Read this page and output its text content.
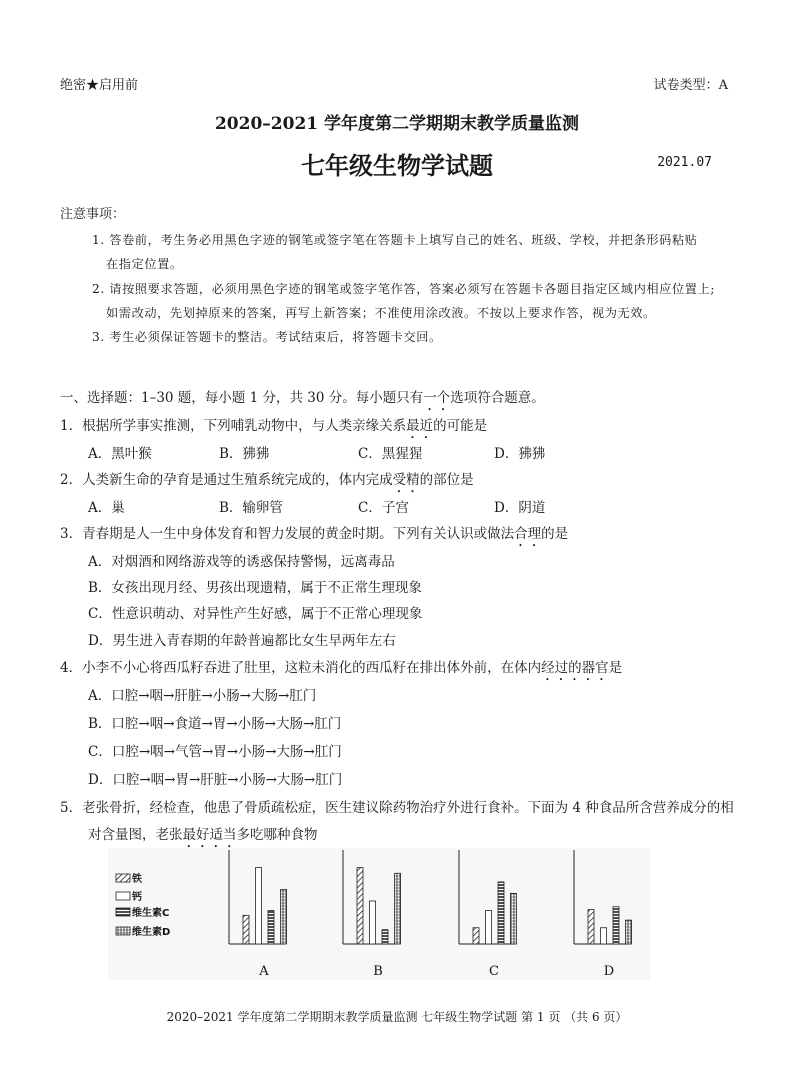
绝密★启用前	试卷类型：A
2020–2021 学年度第二学期期末教学质量监测
七年级生物学试题	2021.07
注意事项：
1. 答卷前，考生务必用黑色字迹的钢笔或签字笔在答题卡上填写自己的姓名、班级、学校，并把条形码粘贴
在指定位置。
2. 请按照要求答题，必须用黑色字迹的钢笔或签字笔作答，答案必须写在答题卡各题目指定区域内相应位置上;
如需改动，先划掉原来的答案，再写上新答案；不准使用涂改液。不按以上要求作答，视为无效。
3. 考生必须保证答题卡的整洁。考试结束后，将答题卡交回。
一、选择题：1–30 题，每小题 1 分，共 30 分。每小题只有一个选项符合题意。
1．根据所学事实推测，下列哺乳动物中，与人类亲缘关系最近的可能是
A．黑叶猴	B．狒狒	C．黑猩猩	D．狒狒
2．人类新生命的孕育是通过生殖系统完成的，体内完成受精的部位是
A．巢	B．输卵管	C．子宫	D．阴道
3．青春期是人一生中身体发育和智力发展的黄金时期。下列有关认识或做法合理的是
A．对烟酒和网络游戏等的诱惑保持警惕，远离毒品
B．女孩出现月经、男孩出现遗精，属于不正常生理现象
C．性意识萌动、对异性产生好感，属于不正常心理现象
D．男生进入青春期的年龄普遍都比女生早两年左右
4．小李不小心将西瓜籽吞进了肚里，这粒未消化的西瓜籽在排出体外前，在体内经过的器官是
A．口腔→咽→肝脏→小肠→大肠→肛门
B．口腔→咽→食道→胃→小肠→大肠→肛门
C．口腔→咽→气管→胃→小肠→大肠→肛门
D．口腔→咽→胃→肝脏→小肠→大肠→肛门
5．老张骨折，经检查，他患了骨质疏松症，医生建议除药物治疗外进行食补。下面为 4 种食品所含营养成分的相
对含量图，老张最好适当多吃哪种食物
铁
钙
维生素C
维生素D
A	B	C	D
2020–2021 学年度第二学期期末教学质量监测 七年级生物学试题 第 1 页 （共 6 页）
